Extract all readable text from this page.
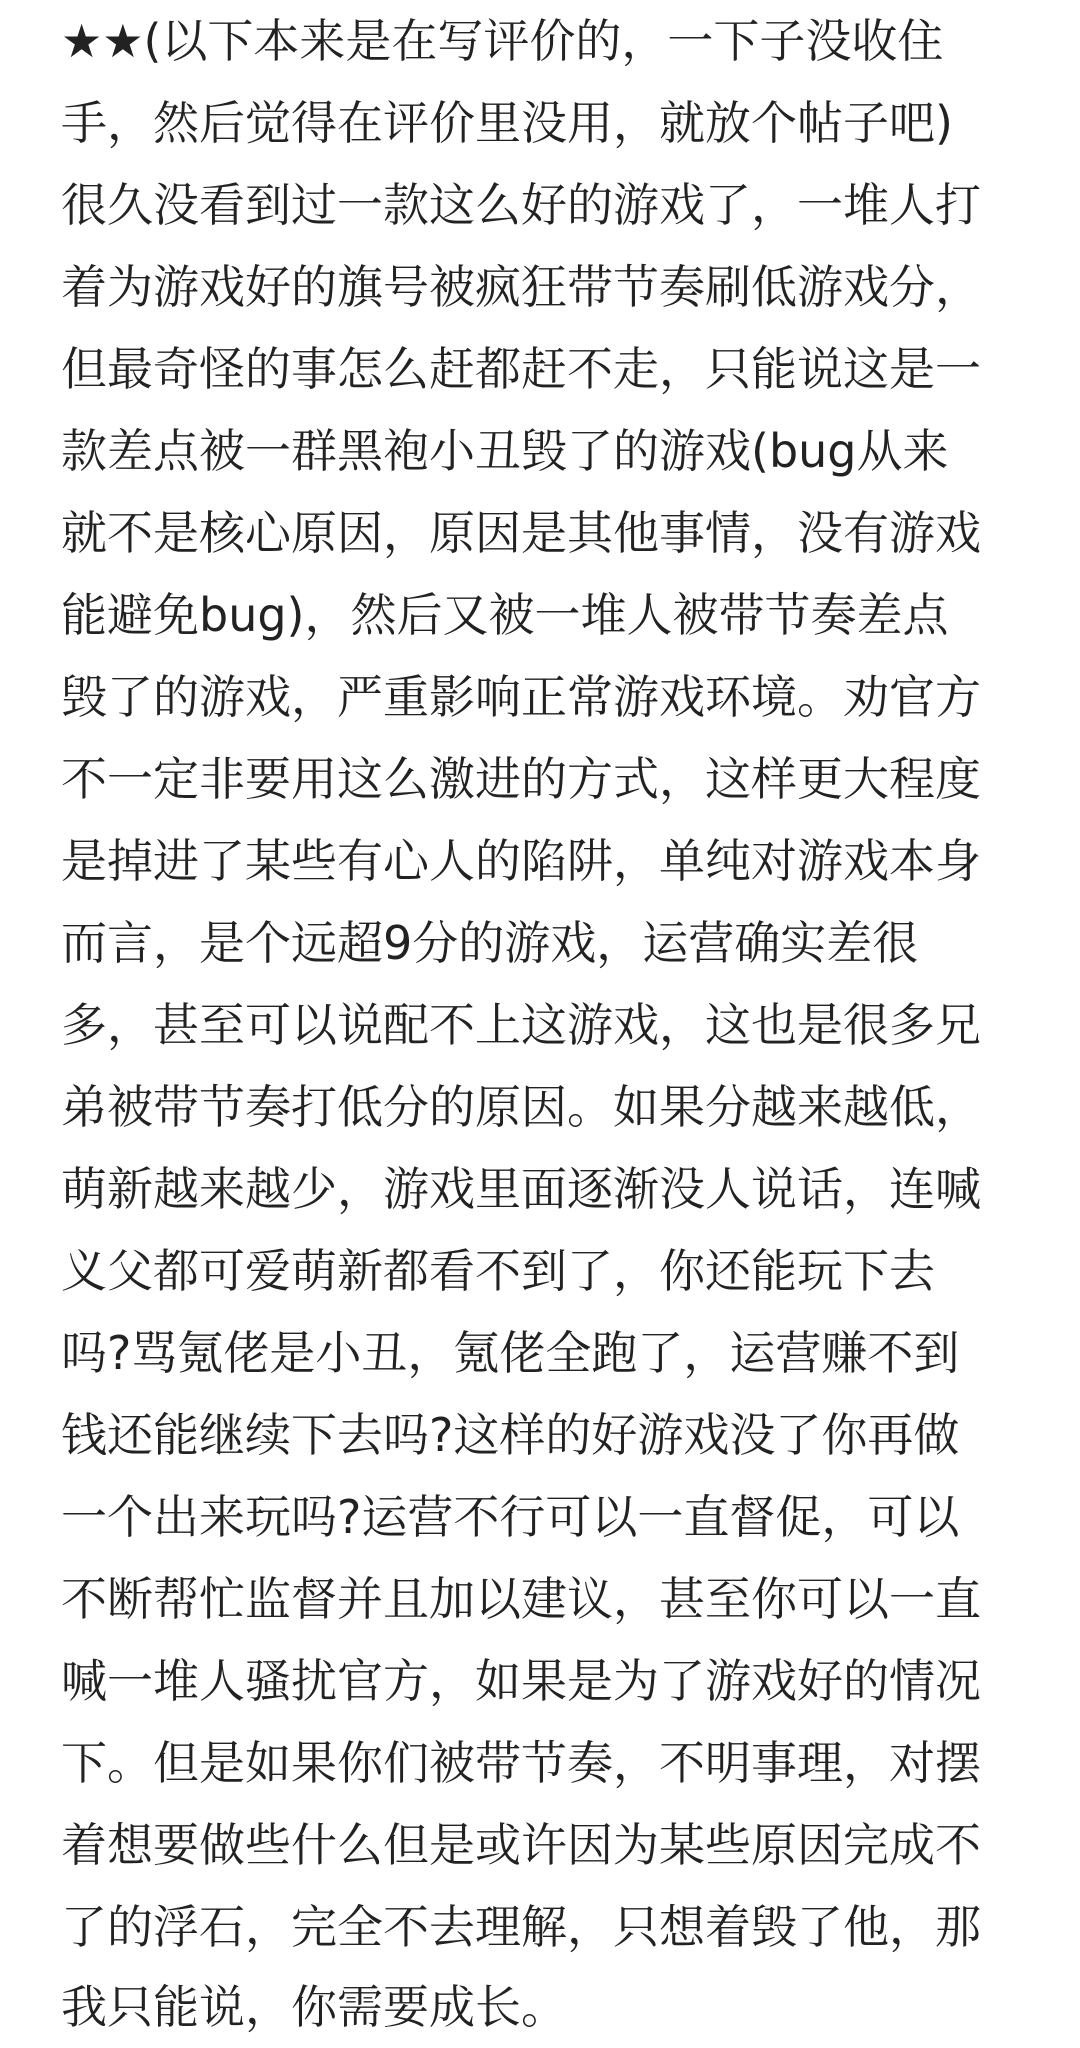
★★(以下本来是在写评价的，一下子没收住
手，然后觉得在评价里没用，就放个帖子吧)
很久没看到过一款这么好的游戏了，一堆人打
着为游戏好的旗号被疯狂带节奏刷低游戏分，
但最奇怪的事怎么赶都赶不走，只能说这是一
款差点被一群黑袍小丑毁了的游戏(bug从来
就不是核心原因，原因是其他事情，没有游戏
能避免bug)，然后又被一堆人被带节奏差点
毁了的游戏，严重影响正常游戏环境。劝官方
不一定非要用这么激进的方式，这样更大程度
是掉进了某些有心人的陷阱，单纯对游戏本身
而言，是个远超9分的游戏，运营确实差很
多，甚至可以说配不上这游戏，这也是很多兄
弟被带节奏打低分的原因。如果分越来越低，
萌新越来越少，游戏里面逐渐没人说话，连喊
义父都可爱萌新都看不到了，你还能玩下去
吗?骂氪佬是小丑，氪佬全跑了，运营赚不到
钱还能继续下去吗?这样的好游戏没了你再做
一个出来玩吗?运营不行可以一直督促，可以
不断帮忙监督并且加以建议，甚至你可以一直
喊一堆人骚扰官方，如果是为了游戏好的情况
下。但是如果你们被带节奏，不明事理，对摆
着想要做些什么但是或许因为某些原因完成不
了的浮石，完全不去理解，只想着毁了他，那
我只能说，你需要成长。
